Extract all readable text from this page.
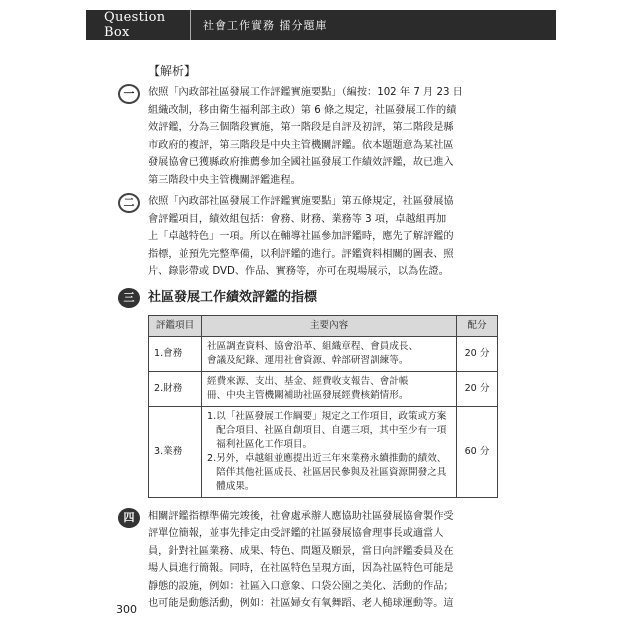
Question Box	社會工作實務 擂分題庫
【解析】
一	依照「內政部社區發展工作評鑑實施要點」（編按：102 年 7 月 23 日

組織改制，移由衛生福利部主政）第 6 條之規定，社區發展工作的績

效評鑑，分為三個階段實施，第一階段是自評及初評，第二階段是縣

市政府的複評，第三階段是中央主管機關評鑑。依本題題意為某社區

發展協會已獲縣政府推薦參加全國社區發展工作績效評鑑，故已進入

第三階段中央主管機關評鑑進程。

二	依照「內政部社區發展工作評鑑實施要點」第五條規定，社區發展協

會評鑑項目，績效組包括：會務、財務、業務等 3 項，卓越組再加

上「卓越特色」一項。所以在輔導社區參加評鑑時，應先了解評鑑的

指標，並預先完整準備，以利評鑑的進行。評鑑資料相關的圖表、照

片、錄影帶或 DVD、作品、實務等，亦可在現場展示，以為佐證。

三	社區發展工作績效評鑑的指標
評鑑項目	主要內容	配分
1.會務	社區調查資料、協會沿革、組織章程、會員成長、
會議及紀錄、運用社會資源、幹部研習訓練等。	20 分
2.財務	經費來源、支出、基金、經費收支報告、會計帳
冊、中央主管機關補助社區發展經費核銷情形。	20 分
3.業務	1. 以「社區發展工作綱要」規定之工作項目，政策或方案配合項目、社區自創項目、自選三項，其中至少有一項福利社區化工作項目。
2. 另外，卓越組並應提出近三年來業務永續推動的績效、陪伴其他社區成長、社區居民參與及社區資源開發之具體成果。	60 分
四	相關評鑑指標準備完竣後，社會處承辦人應協助社區發展協會製作受

評單位簡報，並事先排定由受評鑑的社區發展協會理事長或適當人

員，針對社區業務、成果、特色、問題及願景，當日向評鑑委員及在

場人員進行簡報。同時，在社區特色呈現方面，因為社區特色可能是

靜態的設施，例如：社區入口意象、口袋公園之美化、活動的作品；

也可能是動態活動，例如：社區婦女有氧舞蹈、老人槌球運動等。這

300
